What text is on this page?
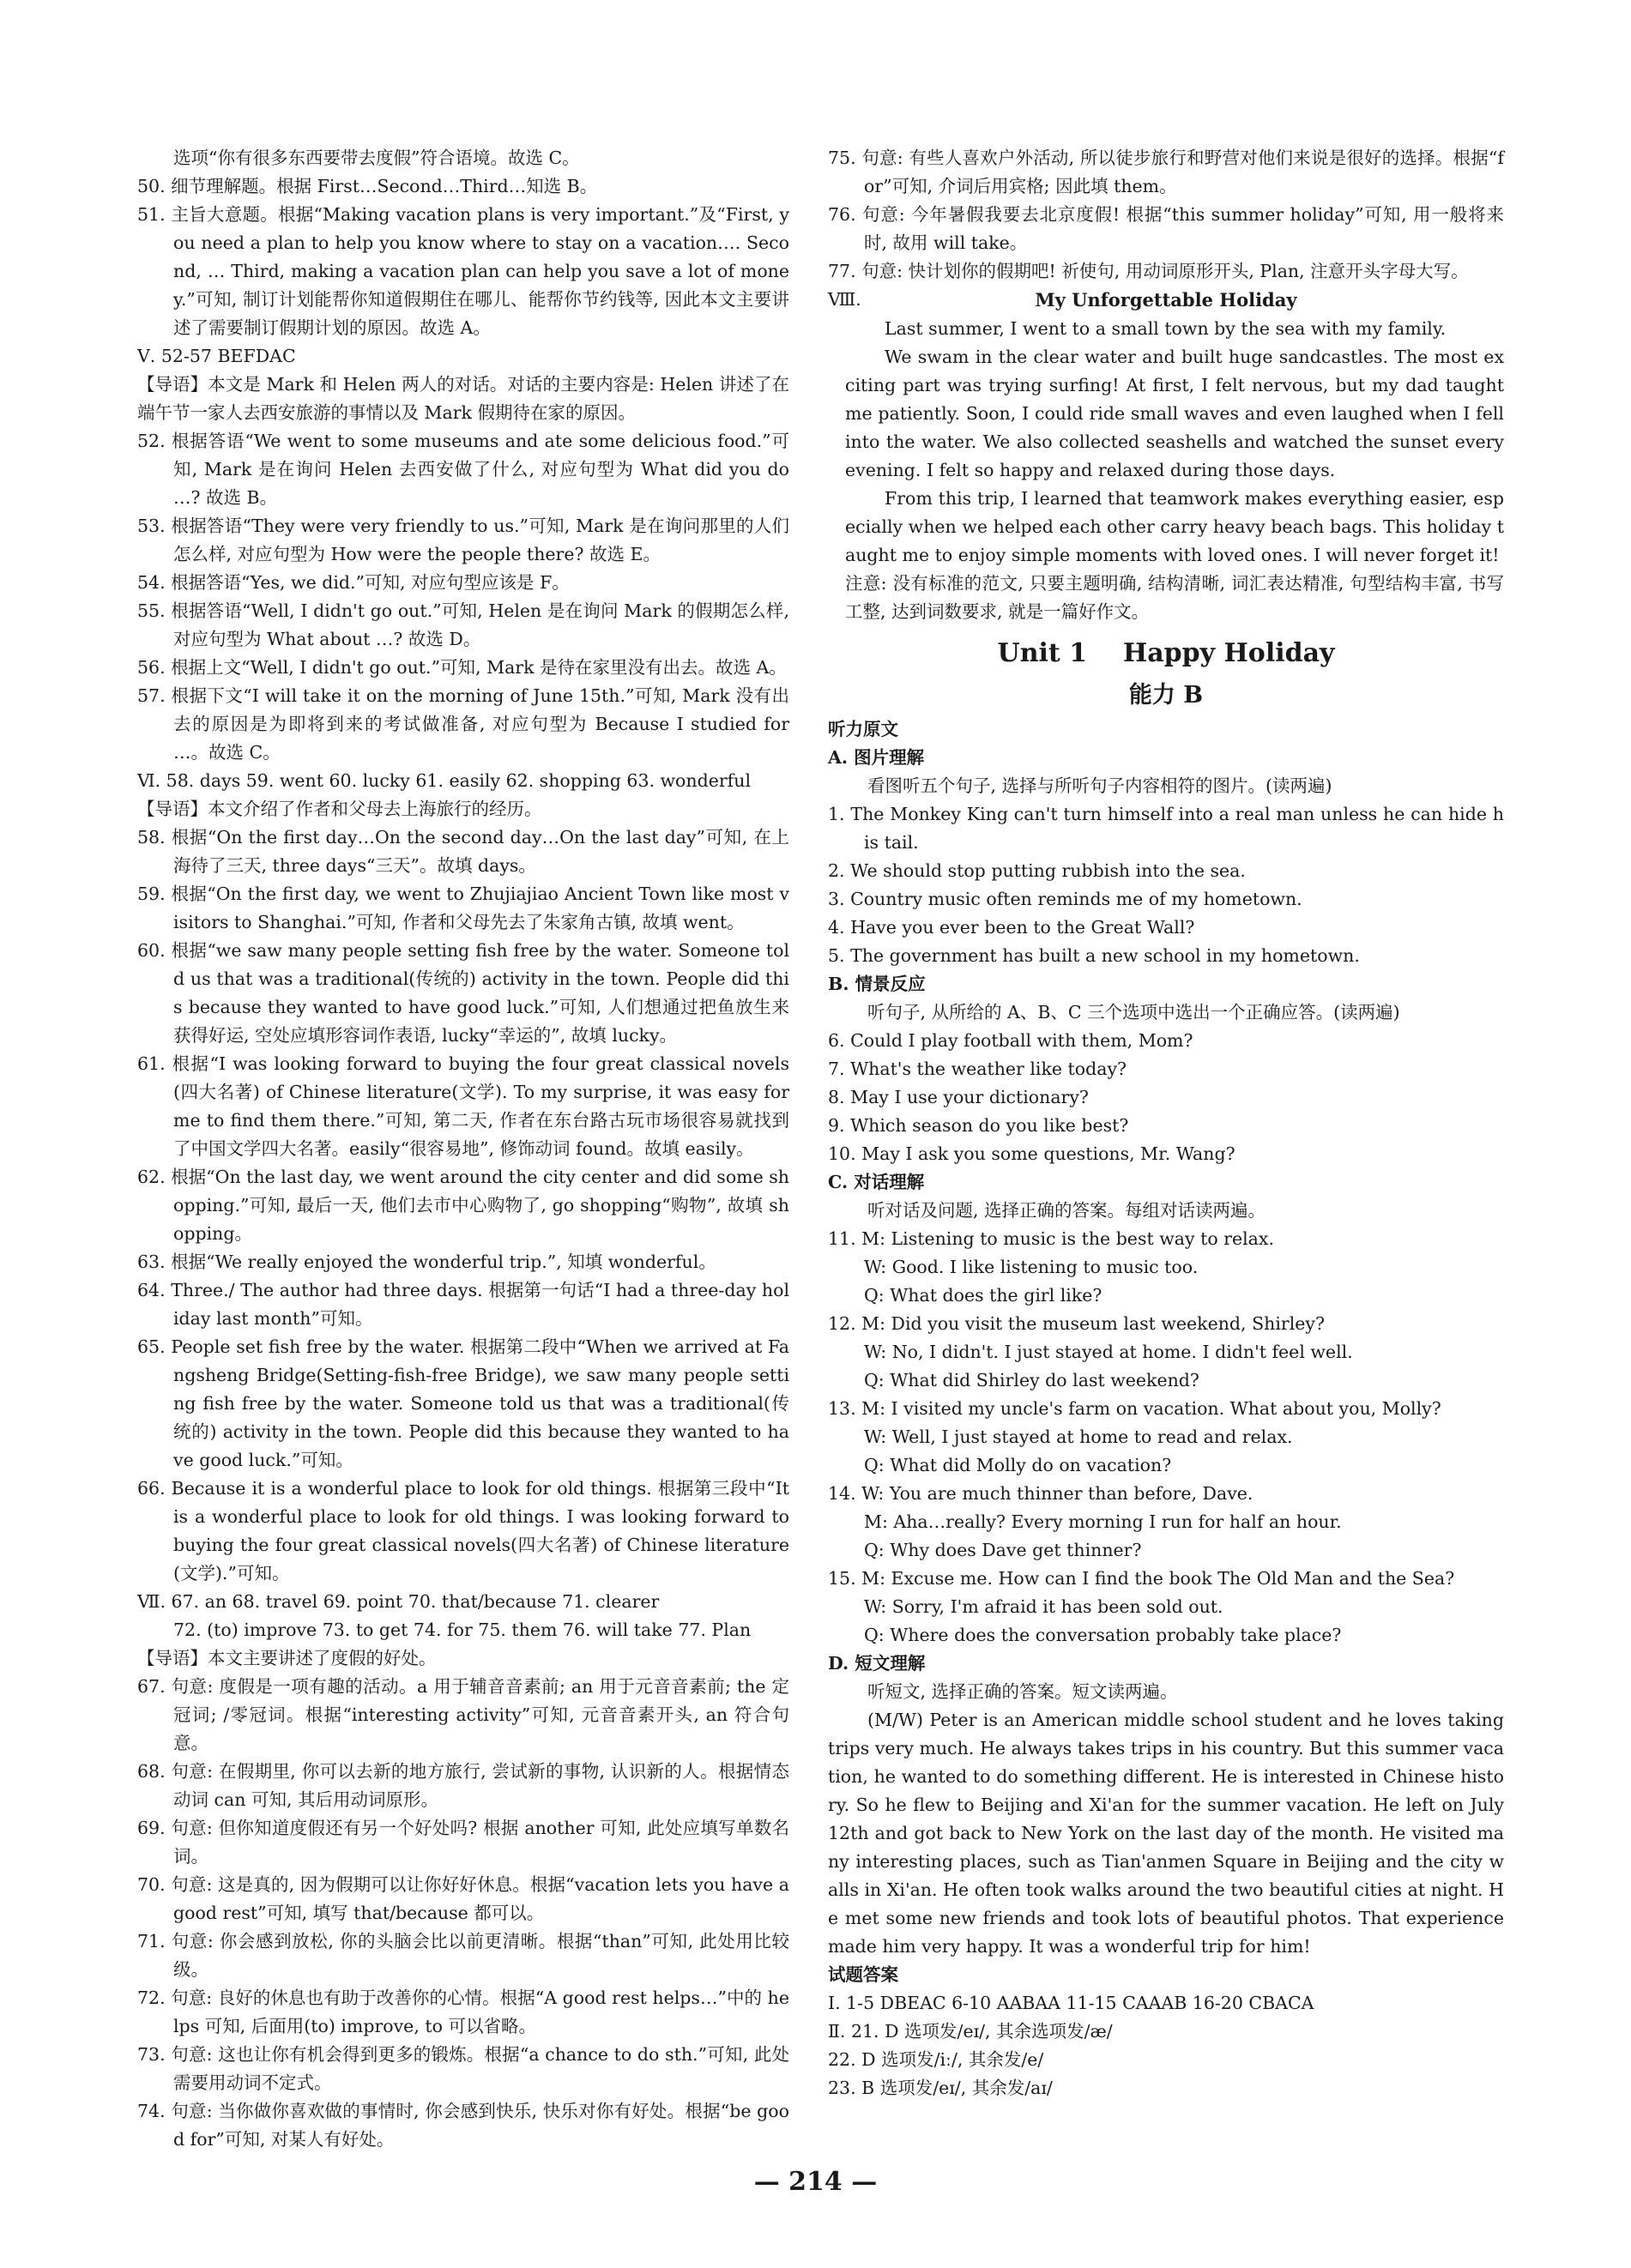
选项“你有很多东西要带去度假”符合语境。故选 C。

50. 细节理解题。根据 First…Second…Third…知选 B。

51. 主旨大意题。根据“Making vacation plans is very important.”及“First, you need a plan to help you know where to stay on a vacation…. Second, … Third, making a vacation plan can help you save a lot of money.”可知, 制订计划能帮你知道假期住在哪儿、能帮你节约钱等, 因此本文主要讲述了需要制订假期计划的原因。故选 A。

Ⅴ. 52-57 BEFDAC

【导语】本文是 Mark 和 Helen 两人的对话。对话的主要内容是: Helen 讲述了在端午节一家人去西安旅游的事情以及 Mark 假期待在家的原因。

52. 根据答语“We went to some museums and ate some delicious food.”可知, Mark 是在询问 Helen 去西安做了什么, 对应句型为 What did you do …? 故选 B。

53. 根据答语“They were very friendly to us.”可知, Mark 是在询问那里的人们怎么样, 对应句型为 How were the people there? 故选 E。

54. 根据答语“Yes, we did.”可知, 对应句型应该是 F。

55. 根据答语“Well, I didn't go out.”可知, Helen 是在询问 Mark 的假期怎么样, 对应句型为 What about …? 故选 D。

56. 根据上文“Well, I didn't go out.”可知, Mark 是待在家里没有出去。故选 A。

57. 根据下文“I will take it on the morning of June 15th.”可知, Mark 没有出去的原因是为即将到来的考试做准备, 对应句型为 Because I studied for …。故选 C。

Ⅵ. 58. days 59. went 60. lucky 61. easily 62. shopping 63. wonderful

【导语】本文介绍了作者和父母去上海旅行的经历。

58. 根据“On the first day…On the second day…On the last day”可知, 在上海待了三天, three days“三天”。故填 days。

59. 根据“On the first day, we went to Zhujiajiao Ancient Town like most visitors to Shanghai.”可知, 作者和父母先去了朱家角古镇, 故填 went。

60. 根据“we saw many people setting fish free by the water. Someone told us that was a traditional(传统的) activity in the town. People did this because they wanted to have good luck.”可知, 人们想通过把鱼放生来获得好运, 空处应填形容词作表语, lucky“幸运的”, 故填 lucky。

61. 根据“I was looking forward to buying the four great classical novels(四大名著) of Chinese literature(文学). To my surprise, it was easy for me to find them there.”可知, 第二天, 作者在东台路古玩市场很容易就找到了中国文学四大名著。easily“很容易地”, 修饰动词 found。故填 easily。

62. 根据“On the last day, we went around the city center and did some shopping.”可知, 最后一天, 他们去市中心购物了, go shopping“购物”, 故填 shopping。

63. 根据“We really enjoyed the wonderful trip.”, 知填 wonderful。

64. Three./ The author had three days. 根据第一句话“I had a three-day holiday last month”可知。

65. People set fish free by the water. 根据第二段中“When we arrived at Fangsheng Bridge(Setting-fish-free Bridge), we saw many people setting fish free by the water. Someone told us that was a traditional(传统的) activity in the town. People did this because they wanted to have good luck.”可知。

66. Because it is a wonderful place to look for old things. 根据第三段中“It is a wonderful place to look for old things. I was looking forward to buying the four great classical novels(四大名著) of Chinese literature(文学).”可知。

Ⅶ. 67. an 68. travel 69. point 70. that/because 71. clearer

72. (to) improve 73. to get 74. for 75. them 76. will take 77. Plan

【导语】本文主要讲述了度假的好处。

67. 句意: 度假是一项有趣的活动。a 用于辅音音素前; an 用于元音音素前; the 定冠词; /零冠词。根据“interesting activity”可知, 元音音素开头, an 符合句意。

68. 句意: 在假期里, 你可以去新的地方旅行, 尝试新的事物, 认识新的人。根据情态动词 can 可知, 其后用动词原形。

69. 句意: 但你知道度假还有另一个好处吗? 根据 another 可知, 此处应填写单数名词。

70. 句意: 这是真的, 因为假期可以让你好好休息。根据“vacation lets you have a good rest”可知, 填写 that/because 都可以。

71. 句意: 你会感到放松, 你的头脑会比以前更清晰。根据“than”可知, 此处用比较级。

72. 句意: 良好的休息也有助于改善你的心情。根据“A good rest helps…”中的 helps 可知, 后面用(to) improve, to 可以省略。

73. 句意: 这也让你有机会得到更多的锻炼。根据“a chance to do sth.”可知, 此处需要用动词不定式。

74. 句意: 当你做你喜欢做的事情时, 你会感到快乐, 快乐对你有好处。根据“be good for”可知, 对某人有好处。

75. 句意: 有些人喜欢户外活动, 所以徒步旅行和野营对他们来说是很好的选择。根据“for”可知, 介词后用宾格; 因此填 them。

76. 句意: 今年暑假我要去北京度假! 根据“this summer holiday”可知, 用一般将来时, 故用 will take。

77. 句意: 快计划你的假期吧! 祈使句, 用动词原形开头, Plan, 注意开头字母大写。

Ⅷ.	My Unforgettable Holiday

Last summer, I went to a small town by the sea with my family.

We swam in the clear water and built huge sandcastles. The most exciting part was trying surfing! At first, I felt nervous, but my dad taught me patiently. Soon, I could ride small waves and even laughed when I fell into the water. We also collected seashells and watched the sunset every evening. I felt so happy and relaxed during those days.

From this trip, I learned that teamwork makes everything easier, especially when we helped each other carry heavy beach bags. This holiday taught me to enjoy simple moments with loved ones. I will never forget it!

注意: 没有标准的范文, 只要主题明确, 结构清晰, 词汇表达精准, 句型结构丰富, 书写工整, 达到词数要求, 就是一篇好作文。

Unit 1    Happy Holiday
能力 B

听力原文

A. 图片理解

看图听五个句子, 选择与所听句子内容相符的图片。(读两遍)

1. The Monkey King can't turn himself into a real man unless he can hide his tail.

2. We should stop putting rubbish into the sea.

3. Country music often reminds me of my hometown.

4. Have you ever been to the Great Wall?

5. The government has built a new school in my hometown.

B. 情景反应

听句子, 从所给的 A、B、C 三个选项中选出一个正确应答。(读两遍)

6. Could I play football with them, Mom?

7. What's the weather like today?

8. May I use your dictionary?

9. Which season do you like best?

10. May I ask you some questions, Mr. Wang?

C. 对话理解

听对话及问题, 选择正确的答案。每组对话读两遍。

11. M: Listening to music is the best way to relax.

W: Good. I like listening to music too.

Q: What does the girl like?

12. M: Did you visit the museum last weekend, Shirley?

W: No, I didn't. I just stayed at home. I didn't feel well.

Q: What did Shirley do last weekend?

13. M: I visited my uncle's farm on vacation. What about you, Molly?

W: Well, I just stayed at home to read and relax.

Q: What did Molly do on vacation?

14. W: You are much thinner than before, Dave.

M: Aha…really? Every morning I run for half an hour.

Q: Why does Dave get thinner?

15. M: Excuse me. How can I find the book The Old Man and the Sea?

W: Sorry, I'm afraid it has been sold out.

Q: Where does the conversation probably take place?

D. 短文理解

听短文, 选择正确的答案。短文读两遍。

(M/W) Peter is an American middle school student and he loves taking trips very much. He always takes trips in his country. But this summer vacation, he wanted to do something different. He is interested in Chinese history. So he flew to Beijing and Xi'an for the summer vacation. He left on July 12th and got back to New York on the last day of the month. He visited many interesting places, such as Tian'anmen Square in Beijing and the city walls in Xi'an. He often took walks around the two beautiful cities at night. He met some new friends and took lots of beautiful photos. That experience made him very happy. It was a wonderful trip for him!

试题答案

Ⅰ. 1-5 DBEAC 6-10 AABAA 11-15 CAAAB 16-20 CBACA

Ⅱ. 21. D 选项发/eɪ/, 其余选项发/æ/

22. D 选项发/iː/, 其余发/e/

23. B 选项发/eɪ/, 其余发/aɪ/

— 214 —
